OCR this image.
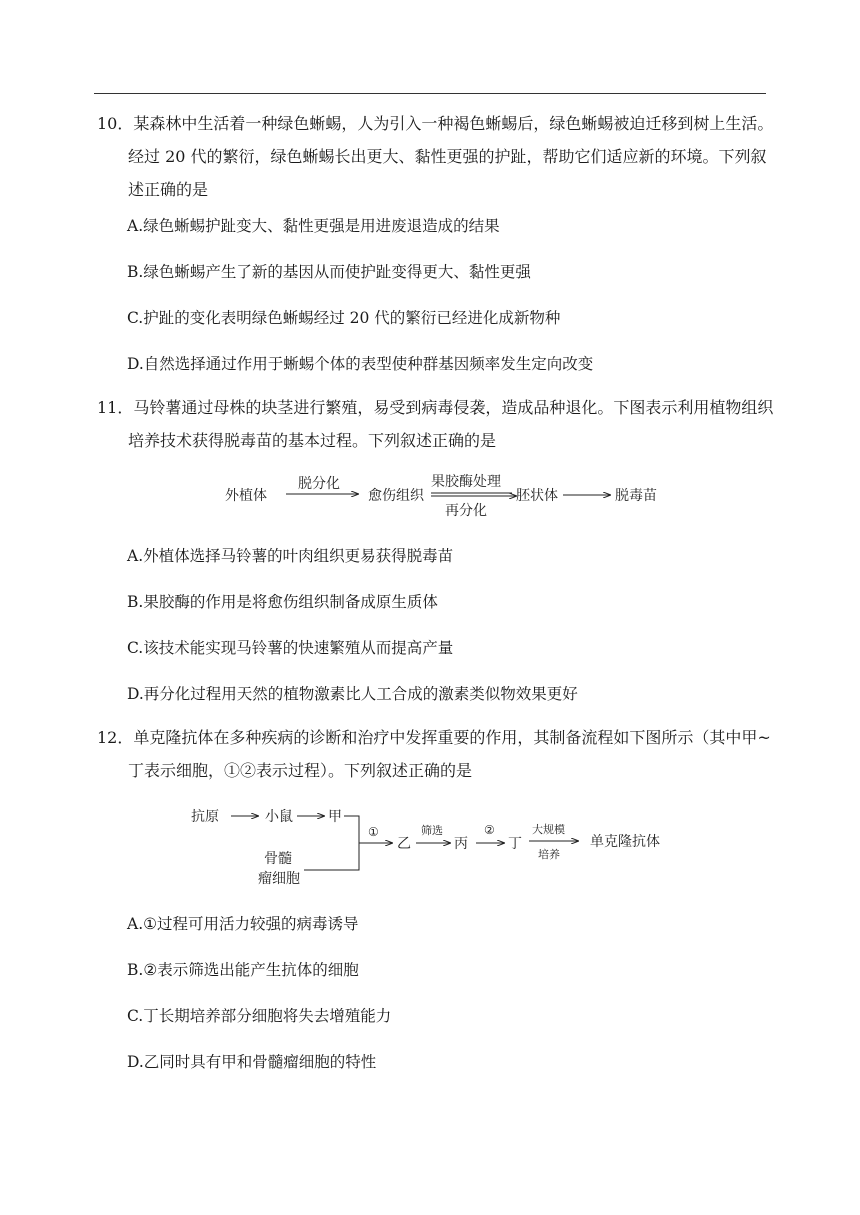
10．某森林中生活着一种绿色蜥蜴，人为引入一种褐色蜥蜴后，绿色蜥蜴被迫迁移到树上生活。经过 20 代的繁衍，绿色蜥蜴长出更大、黏性更强的护趾，帮助它们适应新的环境。下列叙述正确的是

A.绿色蜥蜴护趾变大、黏性更强是用进废退造成的结果
B.绿色蜥蜴产生了新的基因从而使护趾变得更大、黏性更强
C.护趾的变化表明绿色蜥蜴经过 20 代的繁衍已经进化成新物种
D.自然选择通过作用于蜥蜴个体的表型使种群基因频率发生定向改变

11．马铃薯通过母株的块茎进行繁殖，易受到病毒侵袭，造成品种退化。下图表示利用植物组织培养技术获得脱毒苗的基本过程。下列叙述正确的是

外植体
脱分化
愈伤组织
果胶酶处理
再分化
胚状体	脱毒苗
A.外植体选择马铃薯的叶肉组织更易获得脱毒苗
B.果胶酶的作用是将愈伤组织制备成原生质体
C.该技术能实现马铃薯的快速繁殖从而提高产量
D.再分化过程用天然的植物激素比人工合成的激素类似物效果更好

12．单克隆抗体在多种疾病的诊断和治疗中发挥重要的作用，其制备流程如下图所示（其中甲~丁表示细胞，①②表示过程）。下列叙述正确的是

抗原	小鼠	甲
骨髓
瘤细胞
①
乙
筛选
丙
②
丁
大规模
培养
单克隆抗体
A.①过程可用活力较强的病毒诱导
B.②表示筛选出能产生抗体的细胞
C.丁长期培养部分细胞将失去增殖能力
D.乙同时具有甲和骨髓瘤细胞的特性
